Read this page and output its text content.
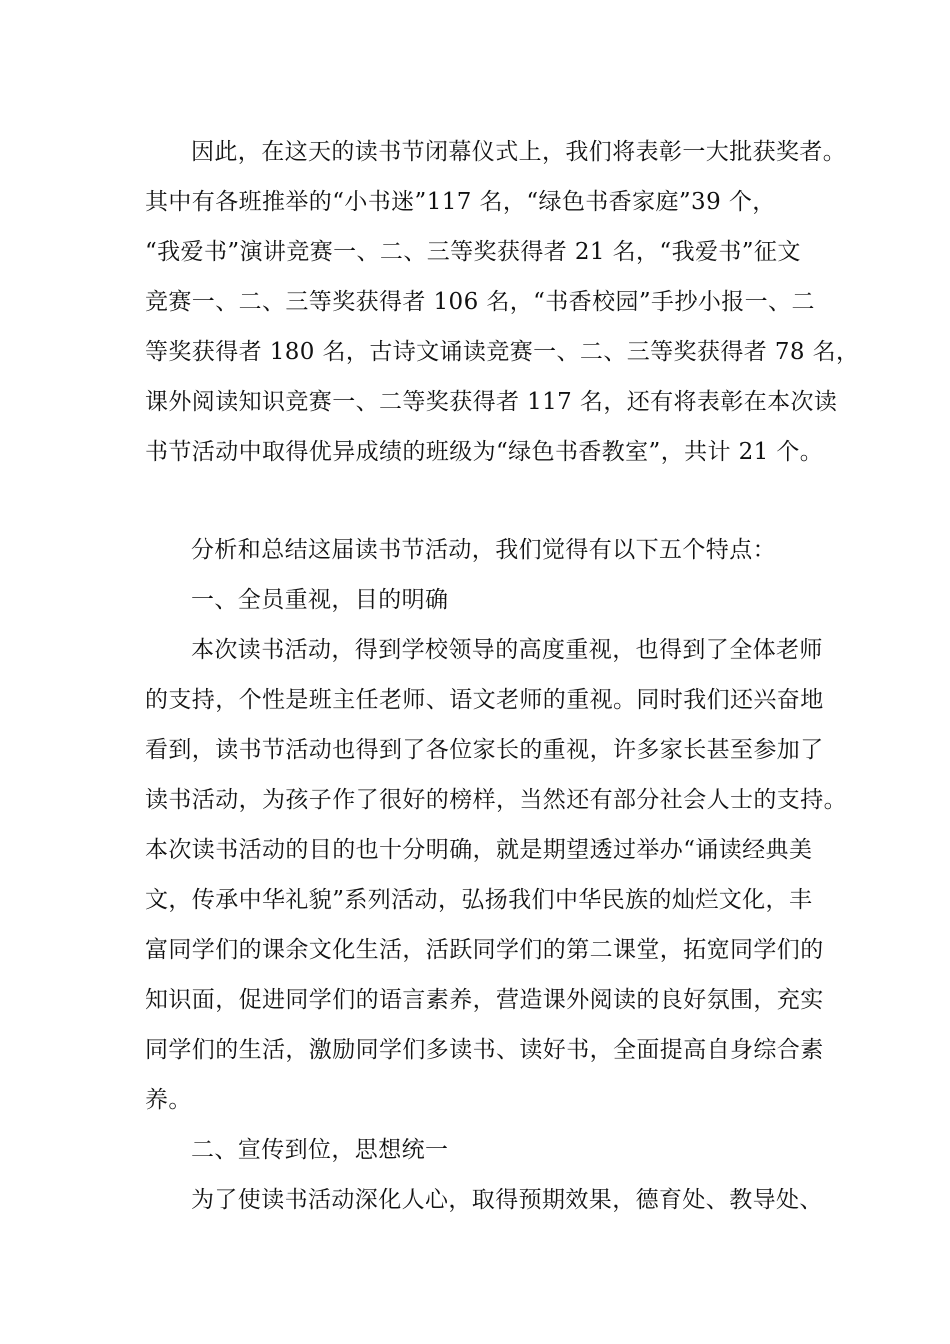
因此，在这天的读书节闭幕仪式上，我们将表彰一大批获奖者。
其中有各班推举的“小书迷”117 名，“绿色书香家庭”39 个，
“我爱书”演讲竞赛一、二、三等奖获得者 21 名，“我爱书”征文
竞赛一、二、三等奖获得者 106 名，“书香校园”手抄小报一、二
等奖获得者 180 名，古诗文诵读竞赛一、二、三等奖获得者 78 名，
课外阅读知识竞赛一、二等奖获得者 117 名，还有将表彰在本次读
书节活动中取得优异成绩的班级为“绿色书香教室”，共计 21 个。
分析和总结这届读书节活动，我们觉得有以下五个特点：
一、全员重视，目的明确
本次读书活动，得到学校领导的高度重视，也得到了全体老师
的支持，个性是班主任老师、语文老师的重视。同时我们还兴奋地
看到，读书节活动也得到了各位家长的重视，许多家长甚至参加了
读书活动，为孩子作了很好的榜样，当然还有部分社会人士的支持。
本次读书活动的目的也十分明确，就是期望透过举办“诵读经典美
文，传承中华礼貌”系列活动，弘扬我们中华民族的灿烂文化，丰
富同学们的课余文化生活，活跃同学们的第二课堂，拓宽同学们的
知识面，促进同学们的语言素养，营造课外阅读的良好氛围，充实
同学们的生活，激励同学们多读书、读好书，全面提高自身综合素
养。
二、宣传到位，思想统一
为了使读书活动深化人心，取得预期效果，德育处、教导处、
